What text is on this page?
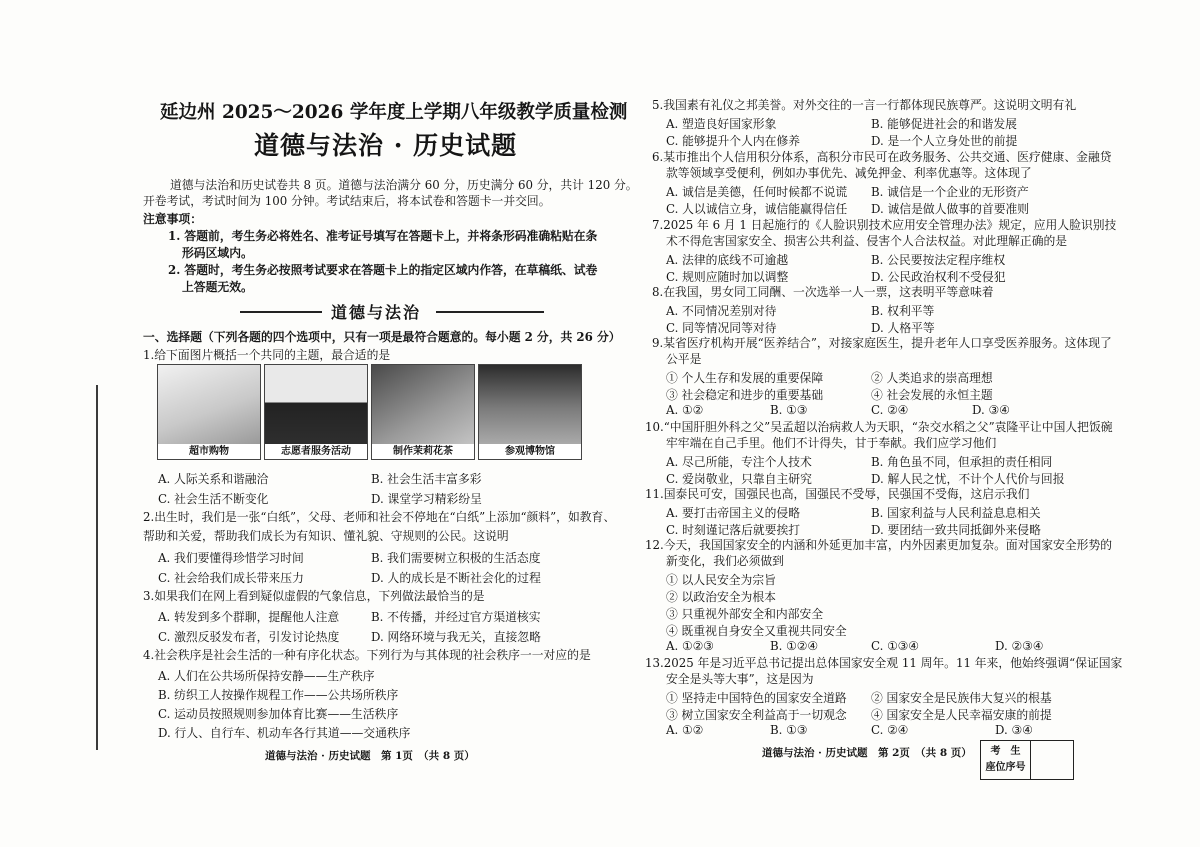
延边州 2025～2026 学年度上学期八年级教学质量检测
道德与法治 · 历史试题
道德与法治和历史试卷共 8 页。道德与法治满分 60 分，历史满分 60 分，共计 120 分。
开卷考试，考试时间为 100 分钟。考试结束后，将本试卷和答题卡一并交回。
注意事项：
1. 答题前，考生务必将姓名、准考证号填写在答题卡上，并将条形码准确粘贴在条
形码区域内。
2. 答题时，考生务必按照考试要求在答题卡上的指定区域内作答，在草稿纸、试卷
上答题无效。
道德与法治
一、选择题（下列各题的四个选项中，只有一项是最符合题意的。每小题 2 分，共 26 分）
1.给下面图片概括一个共同的主题，最合适的是
超市购物	志愿者服务活动	制作茉莉花茶	参观博物馆
A. 人际关系和谐融洽	B. 社会生活丰富多彩
C. 社会生活不断变化	D. 课堂学习精彩纷呈
2.出生时，我们是一张“白纸”，父母、老师和社会不停地在“白纸”上添加“颜料”，如教育、
帮助和关爱，帮助我们成长为有知识、懂礼貌、守规则的公民。这说明
A. 我们要懂得珍惜学习时间	B. 我们需要树立积极的生活态度
C. 社会给我们成长带来压力	D. 人的成长是不断社会化的过程
3.如果我们在网上看到疑似虚假的气象信息，下列做法最恰当的是
A. 转发到多个群聊，提醒他人注意	B. 不传播，并经过官方渠道核实
C. 激烈反驳发布者，引发讨论热度	D. 网络环境与我无关，直接忽略
4.社会秩序是社会生活的一种有序化状态。下列行为与其体现的社会秩序一一对应的是
A. 人们在公共场所保持安静——生产秩序
B. 纺织工人按操作规程工作——公共场所秩序
C. 运动员按照规则参加体育比赛——生活秩序
D. 行人、自行车、机动车各行其道——交通秩序
道德与法治 · 历史试题　第 1页　（共 8 页）
5.我国素有礼仪之邦美誉。对外交往的一言一行都体现民族尊严。这说明文明有礼
A. 塑造良好国家形象	B. 能够促进社会的和谐发展
C. 能够提升个人内在修养	D. 是一个人立身处世的前提
6.某市推出个人信用积分体系，高积分市民可在政务服务、公共交通、医疗健康、金融贷
款等领域享受便利，例如办事优先、减免押金、利率优惠等。这体现了
A. 诚信是美德，任何时候都不说谎 B. 诚信是一个企业的无形资产
C. 人以诚信立身，诚信能赢得信任 D. 诚信是做人做事的首要准则
7.2025 年 6 月 1 日起施行的《人脸识别技术应用安全管理办法》规定，应用人脸识别技
术不得危害国家安全、损害公共利益、侵害个人合法权益。对此理解正确的是
A. 法律的底线不可逾越	B. 公民要按法定程序维权
C. 规则应随时加以调整	D. 公民政治权利不受侵犯
8.在我国，男女同工同酬、一次选举一人一票，这表明平等意味着
A. 不同情况差别对待	B. 权利平等
C. 同等情况同等对待	D. 人格平等
9.某省医疗机构开展“医养结合”，对接家庭医生，提升老年人口享受医养服务。这体现了
公平是
① 个人生存和发展的重要保障	② 人类追求的崇高理想
③ 社会稳定和进步的重要基础	④ 社会发展的永恒主题
A. ①②	B. ①③	C. ②④	D. ③④
10.“中国肝胆外科之父”吴孟超以治病救人为天职，“杂交水稻之父”袁隆平让中国人把饭碗
牢牢端在自己手里。他们不计得失，甘于奉献。我们应学习他们
A. 尽己所能，专注个人技术	B. 角色虽不同，但承担的责任相同
C. 爱岗敬业，只靠自主研究	D. 解人民之忧，不计个人代价与回报
11.国泰民可安，国强民也高，国强民不受辱，民强国不受侮，这启示我们
A. 要打击帝国主义的侵略	B. 国家利益与人民利益息息相关
C. 时刻谨记落后就要挨打	D. 要团结一致共同抵御外来侵略
12.今天，我国国家安全的内涵和外延更加丰富，内外因素更加复杂。面对国家安全形势的
新变化，我们必须做到
① 以人民安全为宗旨
② 以政治安全为根本
③ 只重视外部安全和内部安全
④ 既重视自身安全又重视共同安全
A. ①②③	B. ①②④	C. ①③④	D. ②③④
13.2025 年是习近平总书记提出总体国家安全观 11 周年。11 年来，他始终强调“保证国家
安全是头等大事”，这是因为
① 坚持走中国特色的国家安全道路 ② 国家安全是民族伟大复兴的根基
③ 树立国家安全利益高于一切观念 ④ 国家安全是人民幸福安康的前提
A. ①②	B. ①③	C. ②④	D. ③④
道德与法治 · 历史试题　第 2页　（共 8 页）	考　生
座位序号
